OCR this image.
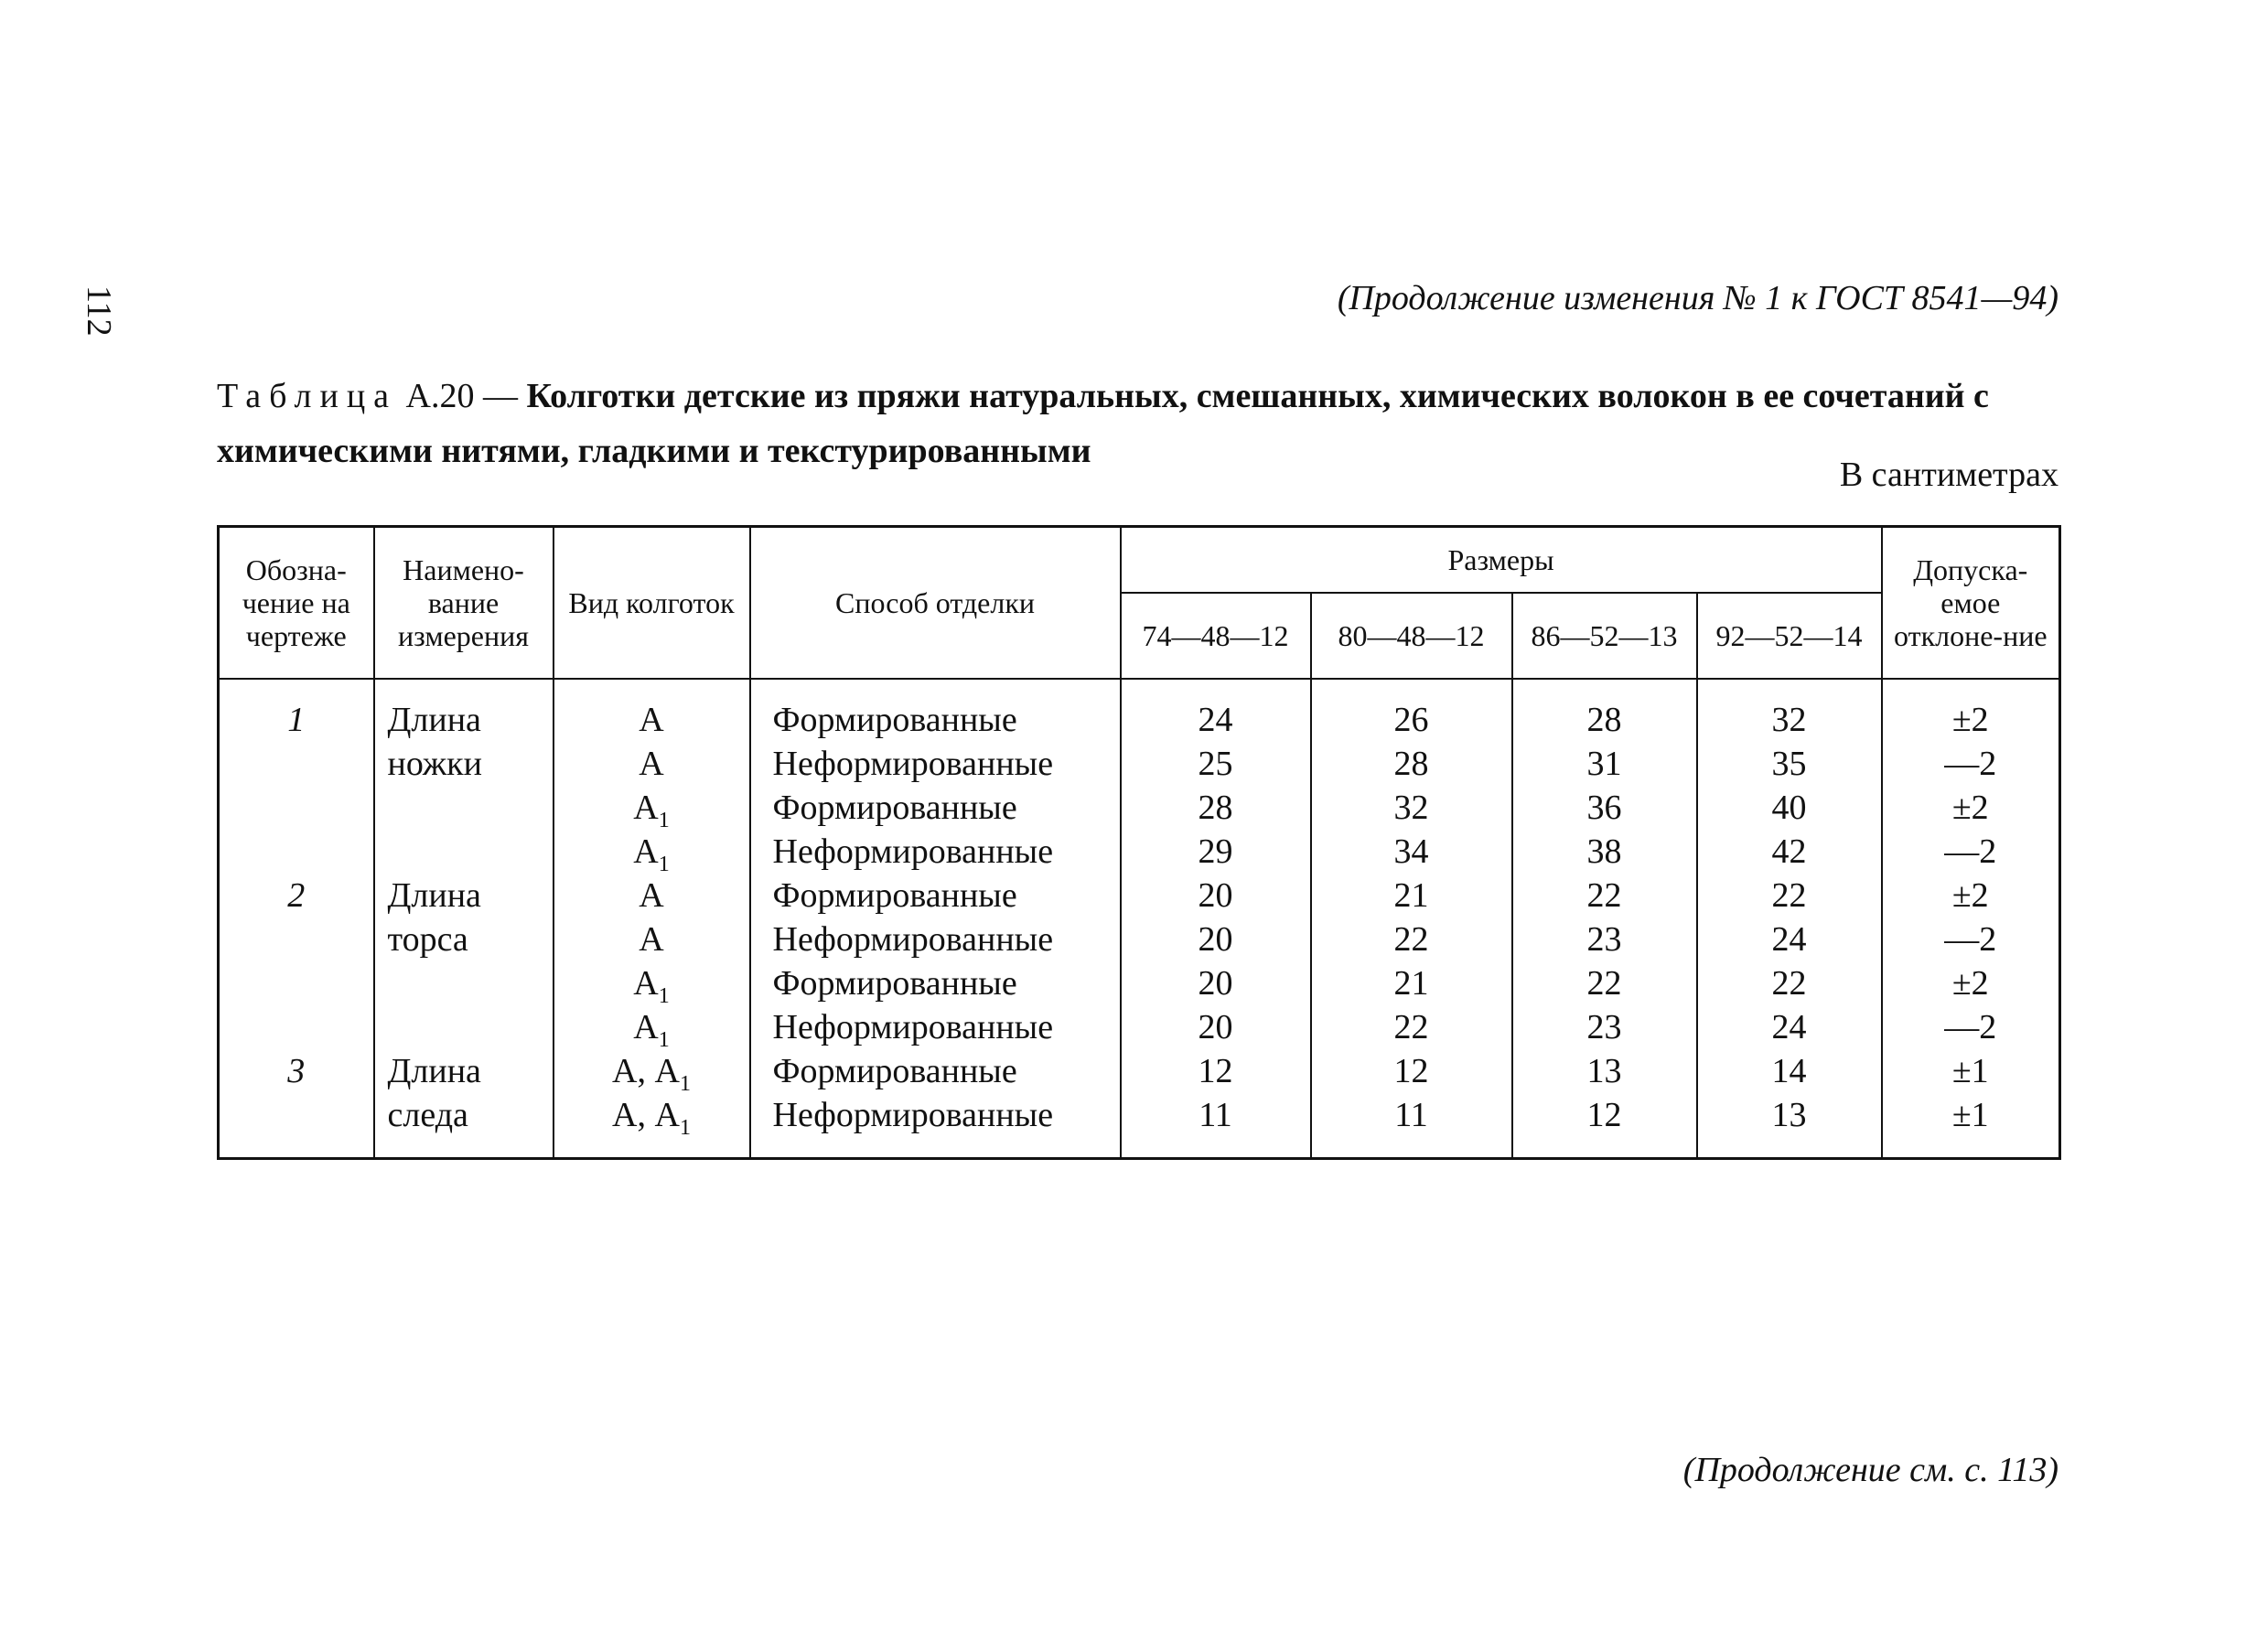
112	(Продолжение изменения № 1 к ГОСТ 8541—94)
Таблица А.20 — Колготки детские из пряжи натуральных, смешанных, химических волокон в ее сочетаний с химическими нитями, гладкими и текстурированными
В сантиметрах
Обозна-чение на чертеже	Наимено-вание измерения	Вид колготок	Способ отделки	Размеры				Допуска-емое отклоне-ние
				74—48—12	80—48—12	86—52—13	92—52—14	
1	Длина	А	Формированные	24	26	28	32	±2
	ножки	А	Неформированные	25	28	31	35	—2
		$А_1$	Формированные	28	32	36	40	±2
		$А_1$	Неформированные	29	34	38	42	—2
2	Длина	А	Формированные	20	21	22	22	±2
	торса	А	Неформированные	20	22	23	24	—2
		$А_1$	Формированные	20	21	22	22	±2
		$А_1$	Неформированные	20	22	23	24	—2
3	Длина	А, $А_1$	Формированные	12	12	13	14	±1
	следа	А, $А_1$	Неформированные	11	11	12	13	±1
(Продолжение см. с. 113)
